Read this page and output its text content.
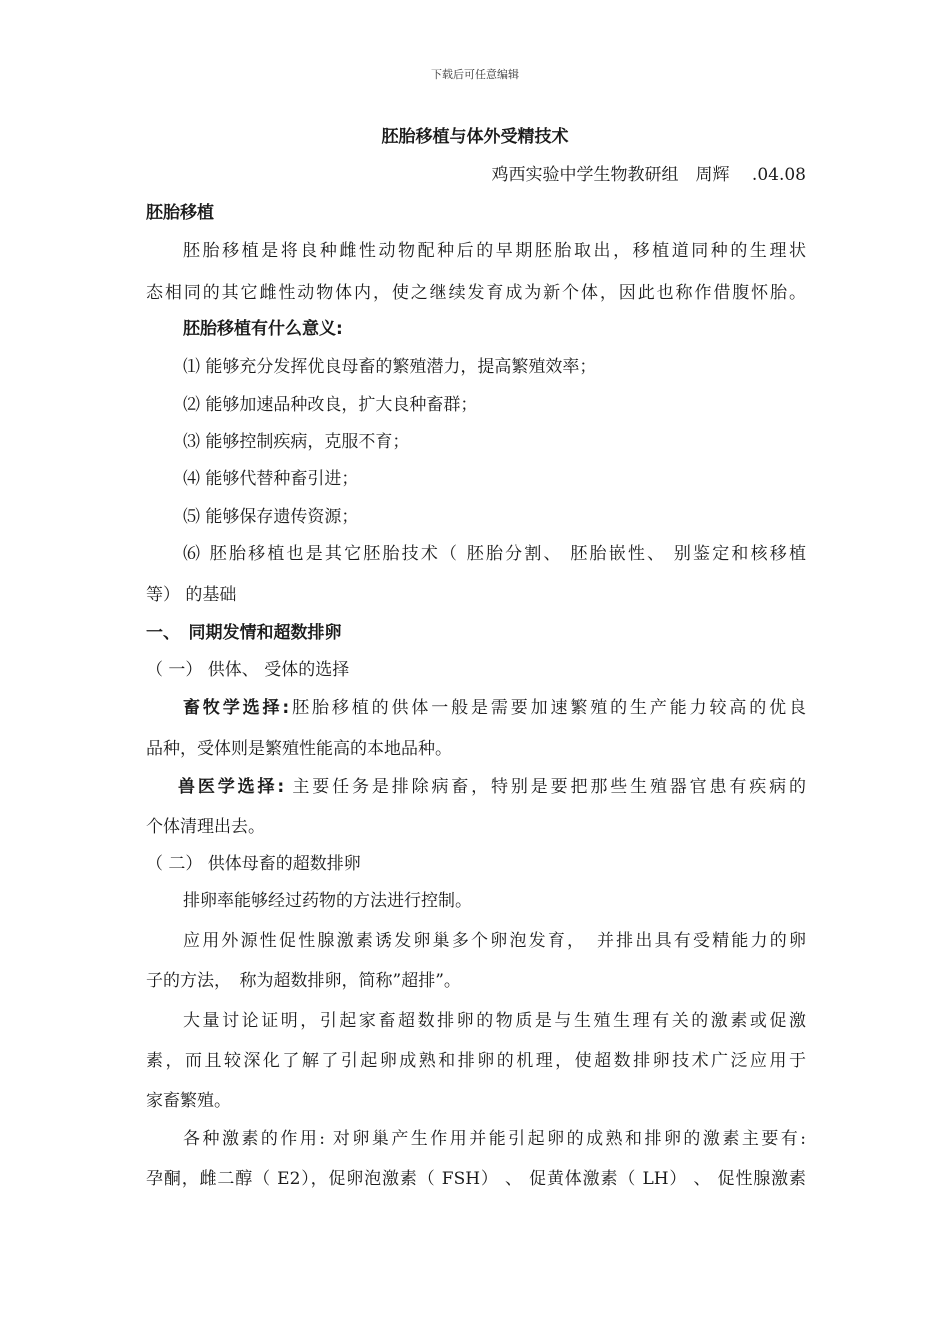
下载后可任意编辑
胚胎移植与体外受精技术
鸡西实验中学生物教研组　周辉　 .04.08
胚胎移植
胚胎移植是将良种雌性动物配种后的早期胚胎取出，移植道同种的生理状
态相同的其它雌性动物体内，使之继续发育成为新个体，因此也称作借腹怀胎。
胚胎移植有什么意义:
⑴ 能够充分发挥优良母畜的繁殖潜力，提高繁殖效率；
⑵ 能够加速品种改良，扩大良种畜群；
⑶ 能够控制疾病，克服不育；
⑷ 能够代替种畜引进；
⑸ 能够保存遗传资源；
⑹ 胚胎移植也是其它胚胎技术（ 胚胎分割、 胚胎嵌性、 别鉴定和核移植
等） 的基础
一、　同期发情和超数排卵
（ 一） 供体、 受体的选择
畜牧学选择:胚胎移植的供体一般是需要加速繁殖的生产能力较高的优良
品种，受体则是繁殖性能高的本地品种。
兽医学选择: 主要任务是排除病畜，特别是要把那些生殖器官患有疾病的
个体清理出去。
（ 二） 供体母畜的超数排卵
排卵率能够经过药物的方法进行控制。
应用外源性促性腺激素诱发卵巢多个卵泡发育，　并排出具有受精能力的卵
子的方法，　称为超数排卵，简称”超排”。
大量讨论证明，引起家畜超数排卵的物质是与生殖生理有关的激素或促激
素，而且较深化了解了引起卵成熟和排卵的机理，使超数排卵技术广泛应用于
家畜繁殖。
各种激素的作用: 对卵巢产生作用并能引起卵的成熟和排卵的激素主要有:
孕酮，雌二醇（ E2），促卵泡激素（ FSH） 、 促黄体激素（ LH） 、 促性腺激素
